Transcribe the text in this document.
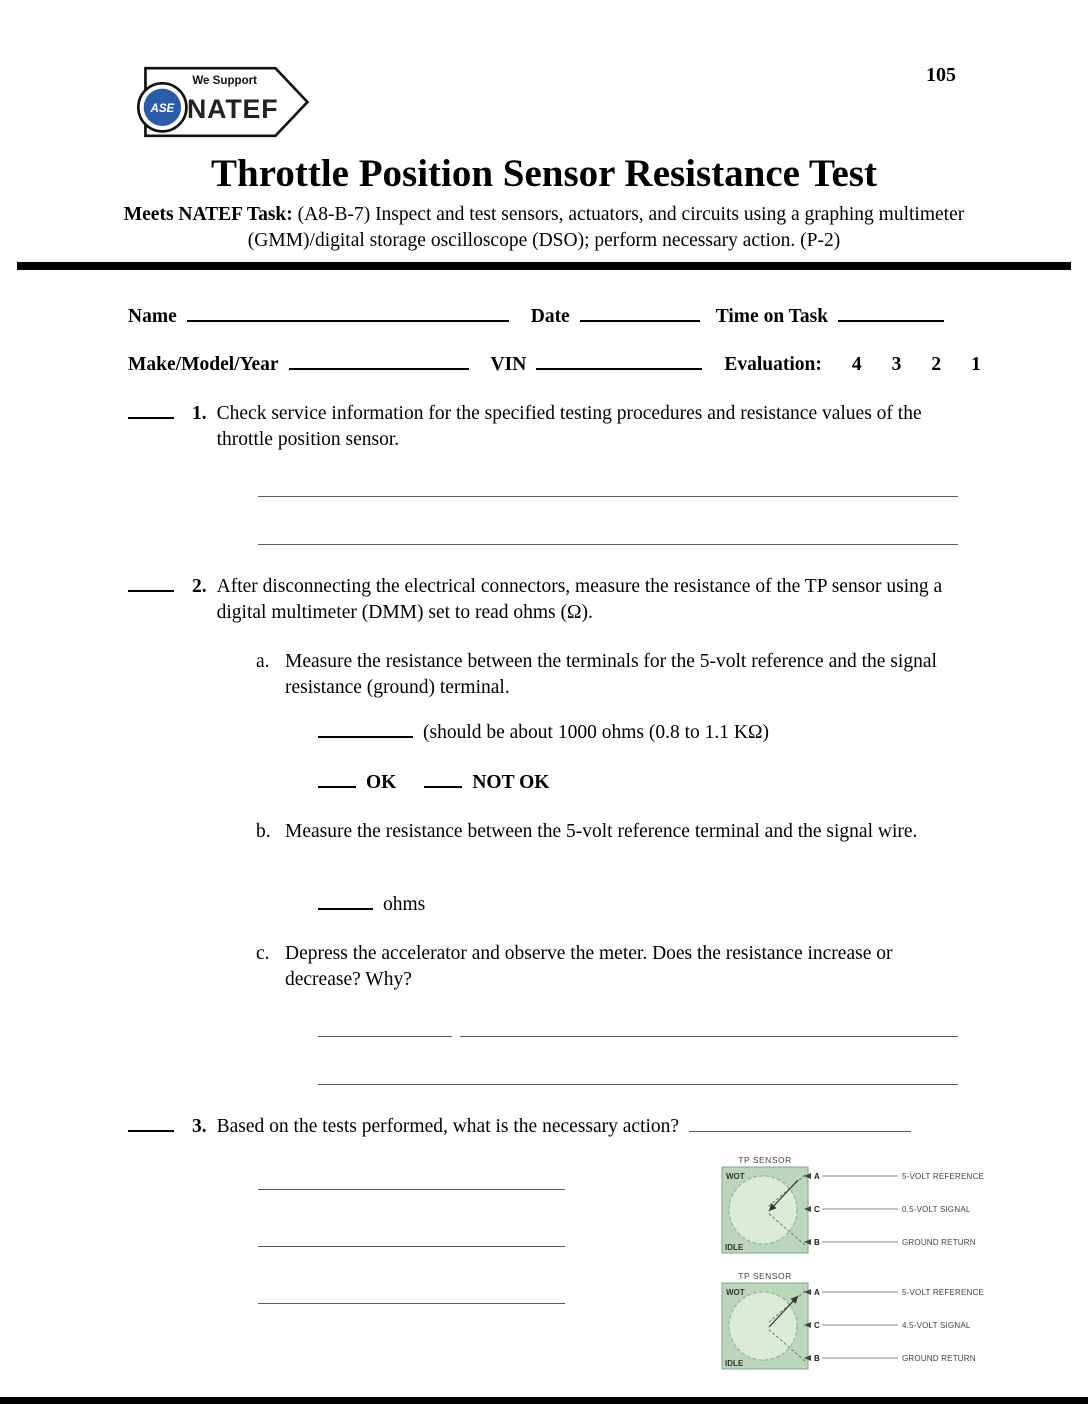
We Support
NATEF
ASE
105
Throttle Position Sensor Resistance Test

Meets NATEF Task: (A8-B-7) Inspect and test sensors, actuators, and circuits using a graphing multimeter (GMM)/digital storage oscilloscope (DSO); perform necessary action. (P-2)

Name	Date	Time on Task
Make/Model/Year	VIN	Evaluation: 4 3 2 1
1. Check service information for the specified testing procedures and resistance values of the throttle position sensor.
2. After disconnecting the electrical connectors, measure the resistance of the TP sensor using a digital multimeter (DMM) set to read ohms (Ω).
a. Measure the resistance between the terminals for the 5-volt reference and the signal resistance (ground) terminal.
(should be about 1000 ohms (0.8 to 1.1 KΩ)
OK	NOT OK
b. Measure the resistance between the 5-volt reference terminal and the signal wire.
ohms
c. Depress the accelerator and observe the meter. Does the resistance increase or decrease? Why?
3. Based on the tests performed, what is the necessary action?
TP SENSOR
WOT
IDLE
A
C
B
5-VOLT REFERENCE
0.5-VOLT SIGNAL
GROUND RETURN
TP SENSOR
WOT
IDLE
A
C
B
5-VOLT REFERENCE
4.5-VOLT SIGNAL
GROUND RETURN
